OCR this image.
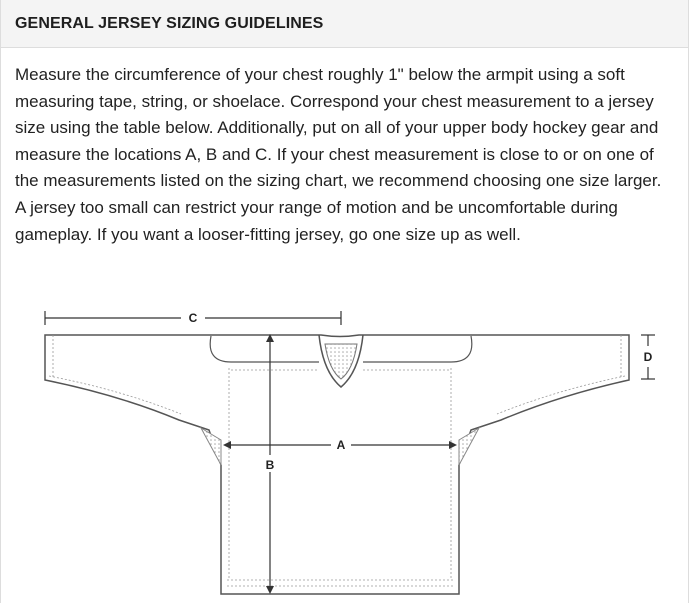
GENERAL JERSEY SIZING GUIDELINES

Measure the circumference of your chest roughly 1" below the armpit using a soft measuring tape, string, or shoelace. Correspond your chest measurement to a jersey size using the table below. Additionally, put on all of your upper body hockey gear and measure the locations A, B and C. If your chest measurement is close to or on one of the measurements listed on the sizing chart, we recommend choosing one size larger. A jersey too small can restrict your range of motion and be uncomfortable during gameplay. If you want a looser-fitting jersey, go one size up as well.

C
A
B
D
